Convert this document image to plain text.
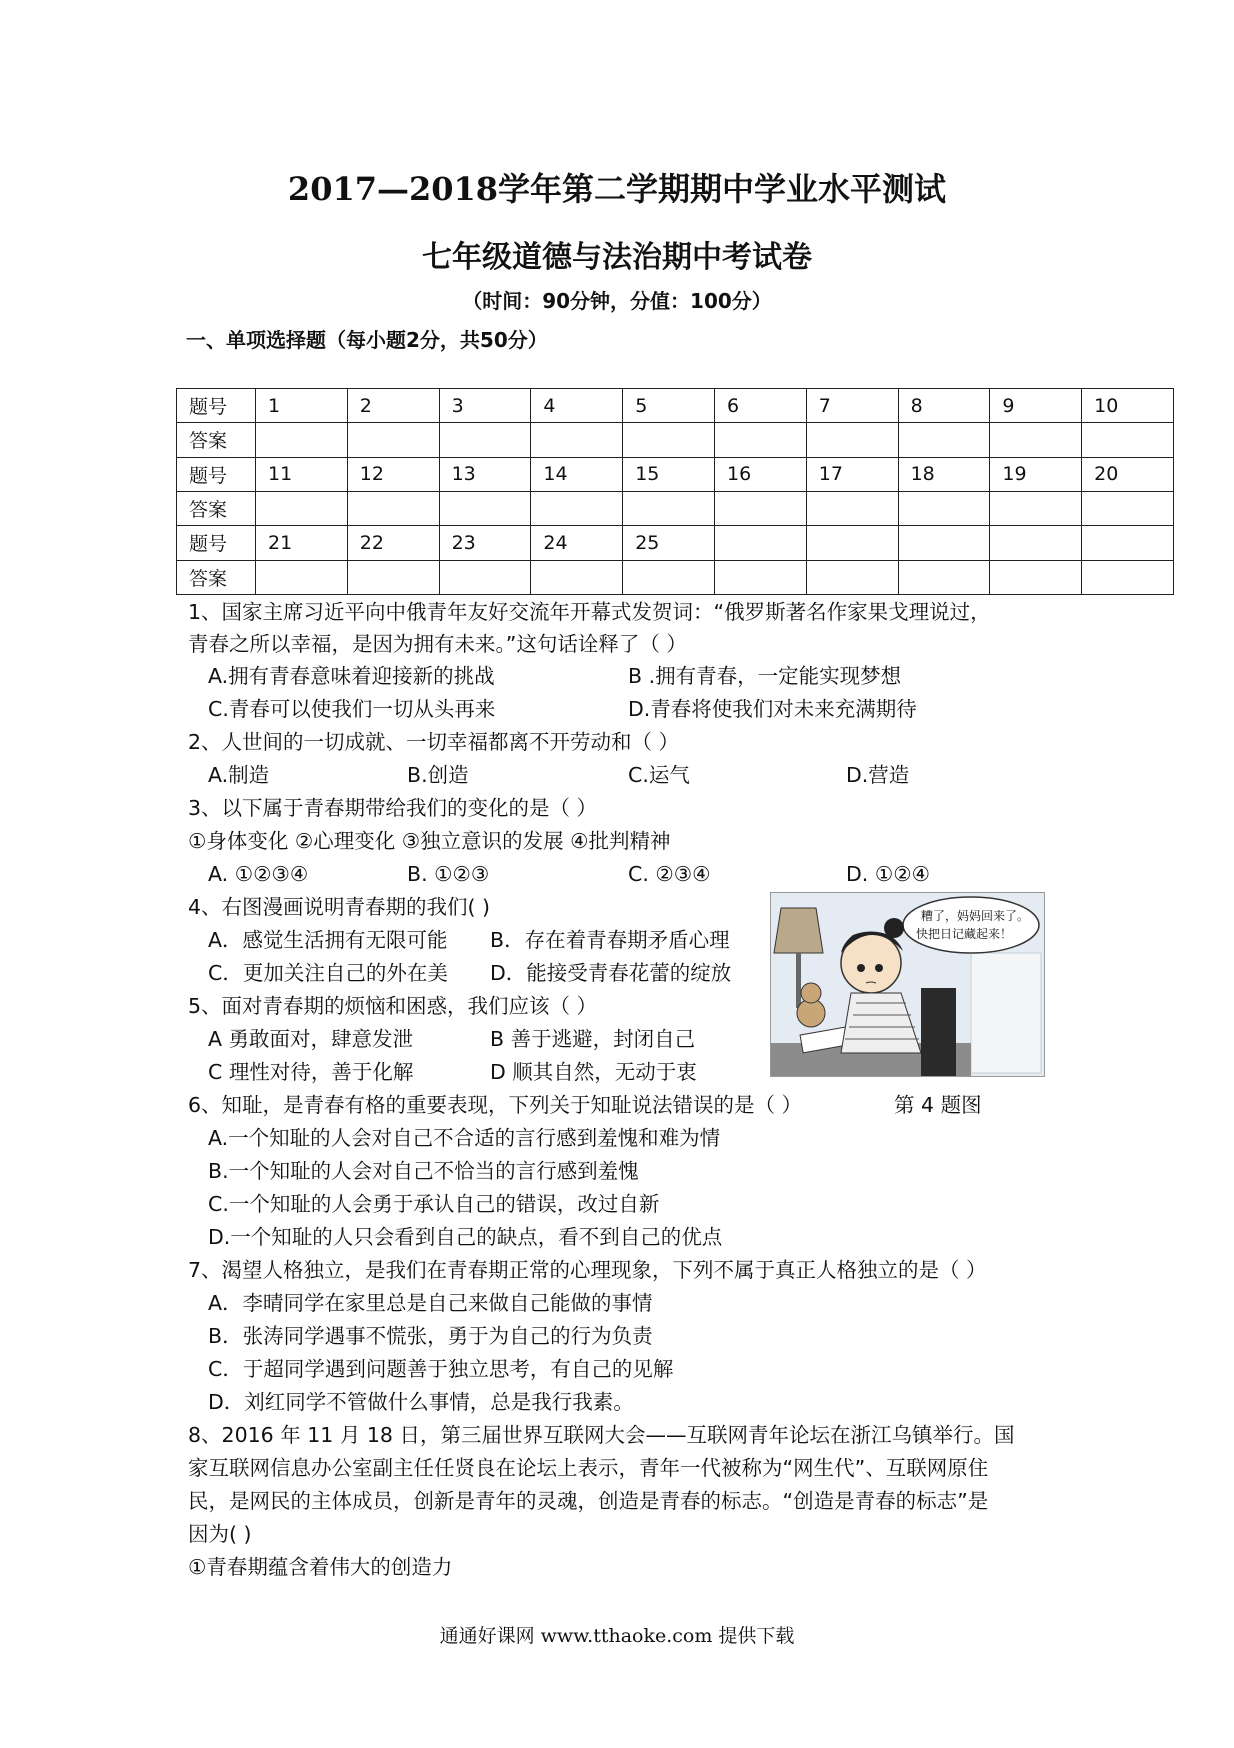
2017—2018学年第二学期期中学业水平测试
七年级道德与法治期中考试卷
（时间：90分钟，分值：100分）
一、单项选择题（每小题2分，共50分）
题号	1	2	3	4	5	6	7	8	9	10
答案										
题号	11	12	13	14	15	16	17	18	19	20
答案										
题号	21	22	23	24	25					
答案										
1、国家主席习近平向中俄青年友好交流年开幕式发贺词：“俄罗斯著名作家果戈理说过，
青春之所以幸福，是因为拥有未来。”这句话诠释了（ ）
A.拥有青春意味着迎接新的挑战	B .拥有青春，一定能实现梦想
C.青春可以使我们一切从头再来	D.青春将使我们对未来充满期待
2、人世间的一切成就、一切幸福都离不开劳动和（ ）
A.制造	B.创造	C.运气	D.营造
3、以下属于青春期带给我们的变化的是（ ）
①身体变化 ②心理变化 ③独立意识的发展 ④批判精神
A. ①②③④	B. ①②③	C. ②③④	D. ①②④
4、右图漫画说明青春期的我们( )
A．感觉生活拥有无限可能 B．存在着青春期矛盾心理
C．更加关注自己的外在美 D．能接受青春花蕾的绽放
糟了，妈妈回来了。
快把日记藏起来！
5、面对青春期的烦恼和困惑，我们应该（ ）
A 勇敢面对，肆意发泄	B 善于逃避，封闭自己
C 理性对待，善于化解	D 顺其自然，无动于衷
6、知耻，是青春有格的重要表现，下列关于知耻说法错误的是（ ）	第 4 题图
A.一个知耻的人会对自己不合适的言行感到羞愧和难为情
B.一个知耻的人会对自己不恰当的言行感到羞愧
C.一个知耻的人会勇于承认自己的错误，改过自新
D.一个知耻的人只会看到自己的缺点，看不到自己的优点
7、渴望人格独立，是我们在青春期正常的心理现象，下列不属于真正人格独立的是（ ）
A．李晴同学在家里总是自己来做自己能做的事情
B．张涛同学遇事不慌张，勇于为自己的行为负责
C．于超同学遇到问题善于独立思考，有自己的见解
D．刘红同学不管做什么事情，总是我行我素。
8、2016 年 11 月 18 日，第三届世界互联网大会——互联网青年论坛在浙江乌镇举行。国
家互联网信息办公室副主任任贤良在论坛上表示，青年一代被称为“网生代”、互联网原住
民，是网民的主体成员，创新是青年的灵魂，创造是青春的标志。“创造是青春的标志”是
因为( )
①青春期蕴含着伟大的创造力
通通好课网 www.tthaoke.com 提供下载
